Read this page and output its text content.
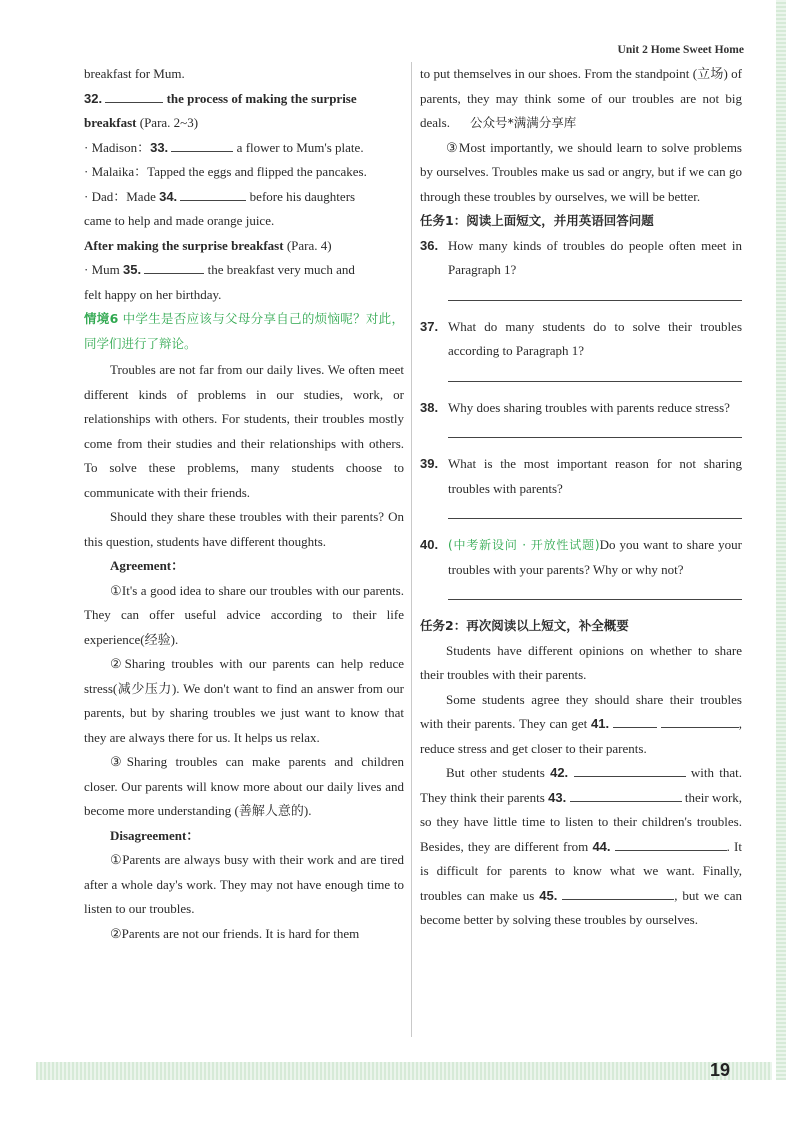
Unit 2 Home Sweet Home

breakfast for Mum.

32.	the process of making the surprise

breakfast (Para. 2~3)

· Madison：33.	a flower to Mum's plate.

· Malaika：Tapped the eggs and flipped the pancakes.

· Dad：Made 34.	before his daughters

came to help and made orange juice.

After making the surprise breakfast (Para. 4)

· Mum 35.	the breakfast very much and

felt happy on her birthday.

情境6 中学生是否应该与父母分享自己的烦恼呢？对此，同学们进行了辩论。

Troubles are not far from our daily lives. We often meet different kinds of problems in our studies, work, or relationships with others. For students, their troubles mostly come from their studies and their relationships with others. To solve these problems, many students choose to communicate with their friends.

Should they share these troubles with their parents? On this question, students have different thoughts.

Agreement：

①It's a good idea to share our troubles with our parents. They can offer useful advice according to their life experience(经验).

②Sharing troubles with our parents can help reduce stress(减少压力). We don't want to find an answer from our parents, but by sharing troubles we just want to know that they are always there for us. It helps us relax.

③Sharing troubles can make parents and children closer. Our parents will know more about our daily lives and become more understanding (善解人意的).

Disagreement：

①Parents are always busy with their work and are tired after a whole day's work. They may not have enough time to listen to our troubles.

②Parents are not our friends. It is hard for them

to put themselves in our shoes. From the standpoint (立场) of parents, they may think some of our troubles are not big deals. 公众号*满满分享库

③Most importantly, we should learn to solve problems by ourselves. Troubles make us sad or angry, but if we can go through these troubles by ourselves, we will be better.

任务1：阅读上面短文，并用英语回答问题

36. How many kinds of troubles do people often meet in Paragraph 1?
37. What do many students do to solve their troubles according to Paragraph 1?
38. Why does sharing troubles with parents reduce stress?
39. What is the most important reason for not sharing troubles with parents?
40. (中考新设问 · 开放性试题)Do you want to share your troubles with your parents? Why or why not?

任务2：再次阅读以上短文，补全概要

Students have different opinions on whether to share their troubles with their parents.

Some students agree they should share their troubles with their parents. They can get 41.	, reduce stress and get closer to their parents.

But other students 42.	with that. They think their parents 43.	their work, so they have little time to listen to their children's troubles. Besides, they are different from 44.	. It is difficult for parents to know what we want. Finally, troubles can make us 45.	, but we can become better by solving these troubles by ourselves.

19
